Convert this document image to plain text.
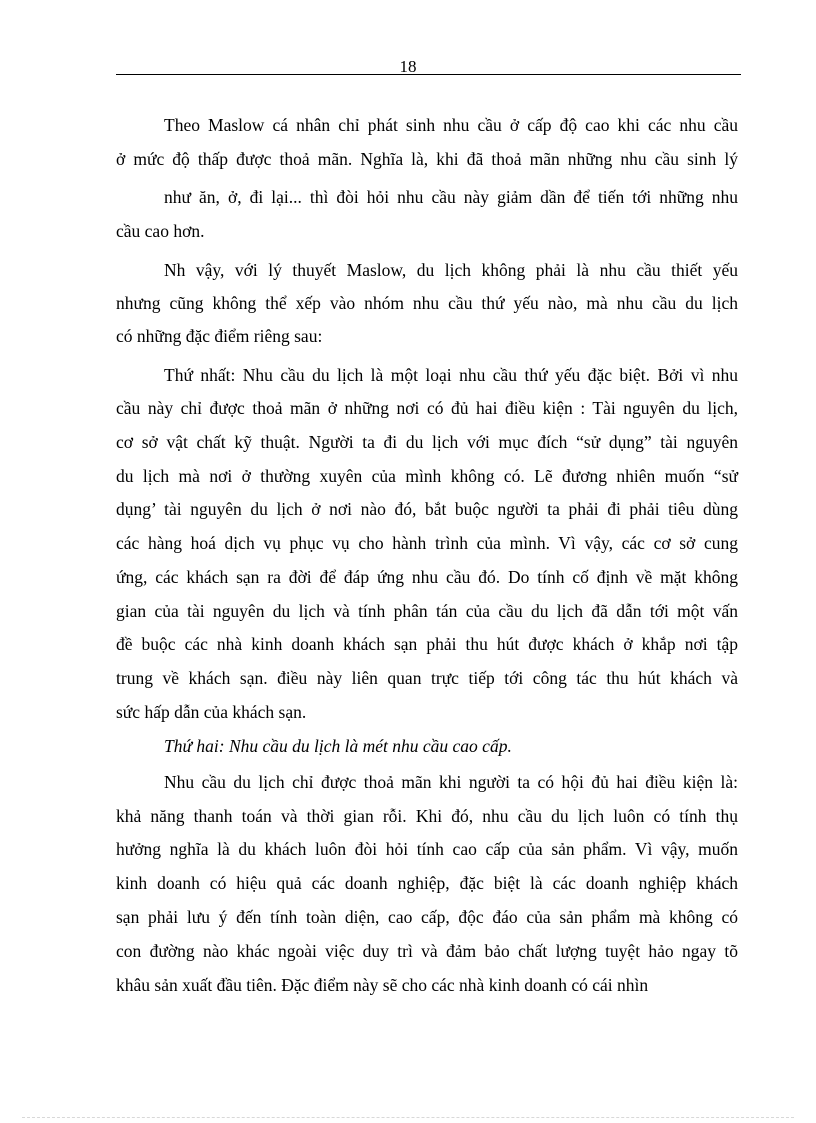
18
Theo Maslow cá nhân chỉ phát sinh nhu cầu ở cấp độ cao khi các nhu cầu
ở mức độ thấp được thoả mãn. Nghĩa là, khi đã thoả mãn những nhu cầu sinh lý
như ăn, ở, đi lại... thì đòi hỏi nhu cầu này giảm dần để tiến tới những nhu
cầu cao hơn.
Nh vậy, với lý thuyết Maslow, du lịch không phải là nhu cầu thiết yếu
nhưng cũng không thể xếp vào nhóm nhu cầu thứ yếu nào, mà nhu cầu du lịch
có những đặc điểm riêng sau:
Thứ nhất: Nhu cầu du lịch là một loại nhu cầu thứ yếu đặc biệt. Bởi vì nhu
cầu này chỉ được thoả mãn ở những nơi có đủ hai điều kiện : Tài nguyên du lịch,
cơ sở vật chất kỹ thuật. Người ta đi du lịch với mục đích “sử dụng” tài nguyên
du lịch mà nơi ở thường xuyên của mình không có. Lẽ đương nhiên muốn “sử
dụng’ tài nguyên du lịch ở nơi nào đó, bắt buộc người ta phải đi phải tiêu dùng
các hàng hoá dịch vụ phục vụ cho hành trình của mình. Vì vậy, các cơ sở cung
ứng, các khách sạn ra đời để đáp ứng nhu cầu đó. Do tính cố định về mặt không
gian của tài nguyên du lịch và tính phân tán của cầu du lịch đã dẫn tới một vấn
đề buộc các nhà kinh doanh khách sạn phải thu hút được khách ở khắp nơi tập
trung về khách sạn. điều này liên quan trực tiếp tới công tác thu hút khách và
sức hấp dẫn của khách sạn.
Thứ hai: Nhu cầu du lịch là mét nhu cầu cao cấp.
Nhu cầu du lịch chỉ được thoả mãn khi người ta có hội đủ hai điều kiện là:
khả năng thanh toán và thời gian rỗi. Khi đó, nhu cầu du lịch luôn có tính thụ
hưởng nghĩa là du khách luôn đòi hỏi tính cao cấp của sản phẩm. Vì vậy, muốn
kinh doanh có hiệu quả các doanh nghiệp, đặc biệt là các doanh nghiệp khách
sạn phải lưu ý đến tính toàn diện, cao cấp, độc đáo của sản phẩm mà không có
con đường nào khác ngoài việc duy trì và đảm bảo chất lượng tuyệt hảo ngay tõ
khâu sản xuất đầu tiên. Đặc điểm này sẽ cho các nhà kinh doanh có cái nhìn
